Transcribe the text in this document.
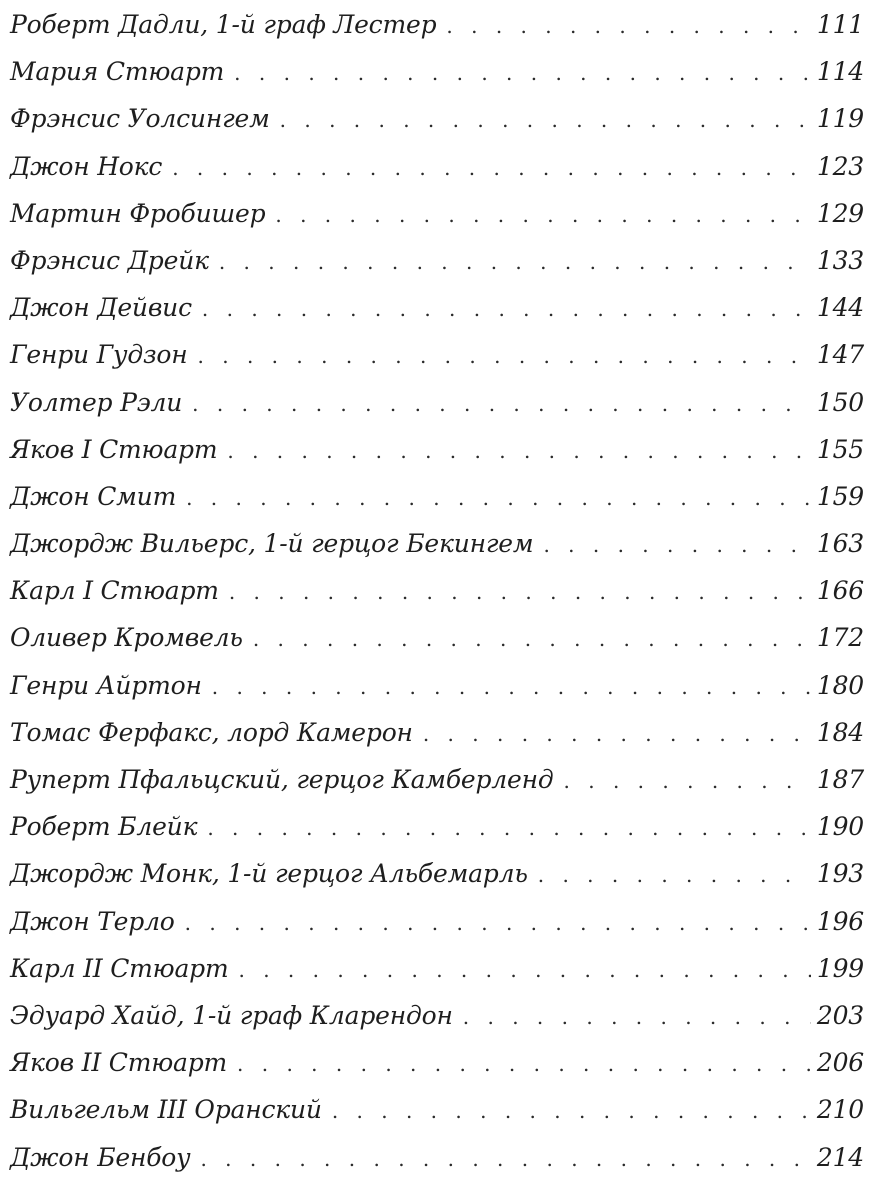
Роберт Дадли, 1-й граф Лестер . . .	111
Мария Стюарт . . .	114
Фрэнсис Уолсингем . . .	119
Джон Нокс . . .	123
Мартин Фробишер . . .	129
Фрэнсис Дрейк . . .	133
Джон Дейвис . . .	144
Генри Гудзон . . .	147
Уолтер Рэли . . .	150
Яков I Стюарт . . .	155
Джон Смит . . .	159
Джордж Вильерс, 1-й герцог Бекингем . . .	163
Карл I Стюарт . . .	166
Оливер Кромвель . . .	172
Генри Айртон . . .	180
Томас Ферфакс, лорд Камерон . . .	184
Руперт Пфальцский, герцог Камберленд . . .	187
Роберт Блейк . . .	190
Джордж Монк, 1-й герцог Альбемарль . . .	193
Джон Терло . . .	196
Карл II Стюарт . . .	199
Эдуард Хайд, 1-й граф Кларендон . . .	203
Яков II Стюарт . . .	206
Вильгельм III Оранский . . .	210
Джон Бенбоу . . .	214
